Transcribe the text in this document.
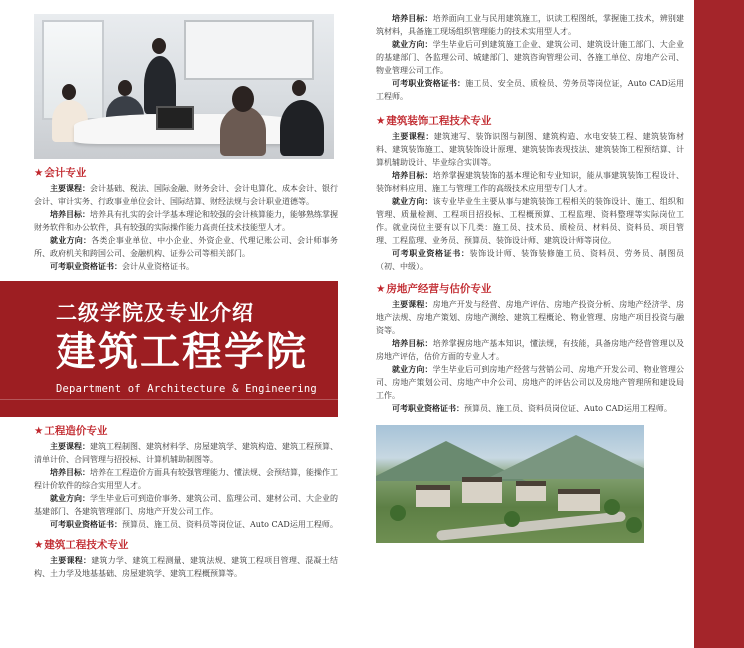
★会计专业

主要课程：会计基础、税法、国际金融、财务会计、会计电算化、成本会计、银行会计、审计实务、行政事业单位会计、国际结算、财经法规与会计职业道德等。

培养目标：培养具有扎实的会计学基本理论和较强的会计核算能力，能够熟练掌握财务软件和办公软件，具有较强的实际操作能力高责任技术技能型人才。

就业方向：各类企事业单位、中小企业、外资企业、代理记账公司、会计师事务所、政府机关和跨国公司、金融机构、证券公司等相关部门。

可考职业资格证书：会计从业资格证书。

二级学院及专业介绍
建筑工程学院
Department of Architecture & Engineering
★工程造价专业

主要课程：建筑工程制图、建筑材料学、房屋建筑学、建筑构造、建筑工程预算、清单计价、合同管理与招投标、计算机辅助制图等。

培养目标：培养在工程造价方面具有较强管理能力、懂法规、会预结算，能操作工程计价软件的综合实用型人才。

就业方向：学生毕业后可到造价事务、建筑公司、监理公司、建材公司、大企业的基建部门、各建筑管理部门、房地产开发公司工作。

可考职业资格证书：预算员、施工员、资料员等岗位证、Auto CAD运用工程师。

★建筑工程技术专业

主要课程：建筑力学、建筑工程测量、建筑法规、建筑工程项目管理、混凝土结构、土力学及地基基础、房屋建筑学、建筑工程概预算等。

培养目标：培养面向工业与民用建筑施工，识读工程图纸，掌握施工技术，辨别建筑材料，具备施工现场组织管理能力的技术实用型人才。

就业方向：学生毕业后可到建筑施工企业、建筑公司、建筑设计施工部门、大企业的基建部门、各监理公司、城建部门、建筑咨询管理公司、各施工单位、房地产公司、物业管理公司工作。

可考职业资格证书：施工员、安全员、质检员、劳务员等岗位证，Auto CAD运用工程师。

★建筑装饰工程技术专业

主要课程：建筑速写、装饰识图与制图、建筑构造、水电安装工程、建筑装饰材料、建筑装饰施工、建筑装饰设计原理、建筑装饰表现技法、建筑装饰工程预结算、计算机辅助设计、毕业综合实训等。

培养目标：培养掌握建筑装饰的基本理论和专业知识，能从事建筑装饰工程设计、装饰材料应用、施工与管理工作的高级技术应用型专门人才。

就业方向：该专业毕业生主要从事与建筑装饰工程相关的装饰设计、施工、组织和管理、质量检测、工程项目招投标、工程概预算、工程监理、资料整理等实际岗位工作。就业岗位主要有以下几类：施工员、技术员、质检员、材料员、资料员、项目管理、工程监理、业务员、预算员、装饰设计师、建筑设计师等岗位。

可考职业资格证书：装饰设计师、装饰装修施工员、资料员、劳务员、制图员（初、中级）。

★房地产经营与估价专业

主要课程：房地产开发与经营、房地产评估、房地产投资分析、房地产经济学、房地产法规、房地产策划、房地产测绘、建筑工程概论、物业管理、房地产项目投资与融资等。

培养目标：培养掌握房地产基本知识，懂法规，有技能，具备房地产经营管理以及房地产评估，估价方面的专业人才。

就业方向：学生毕业后可到房地产经营与营销公司、房地产开发公司、物业管理公司、房地产策划公司、房地产中介公司、房地产的评估公司以及房地产管理所和建设局工作。

可考职业资格证书：预算员、施工员、资料员岗位证、Auto CAD运用工程师。
